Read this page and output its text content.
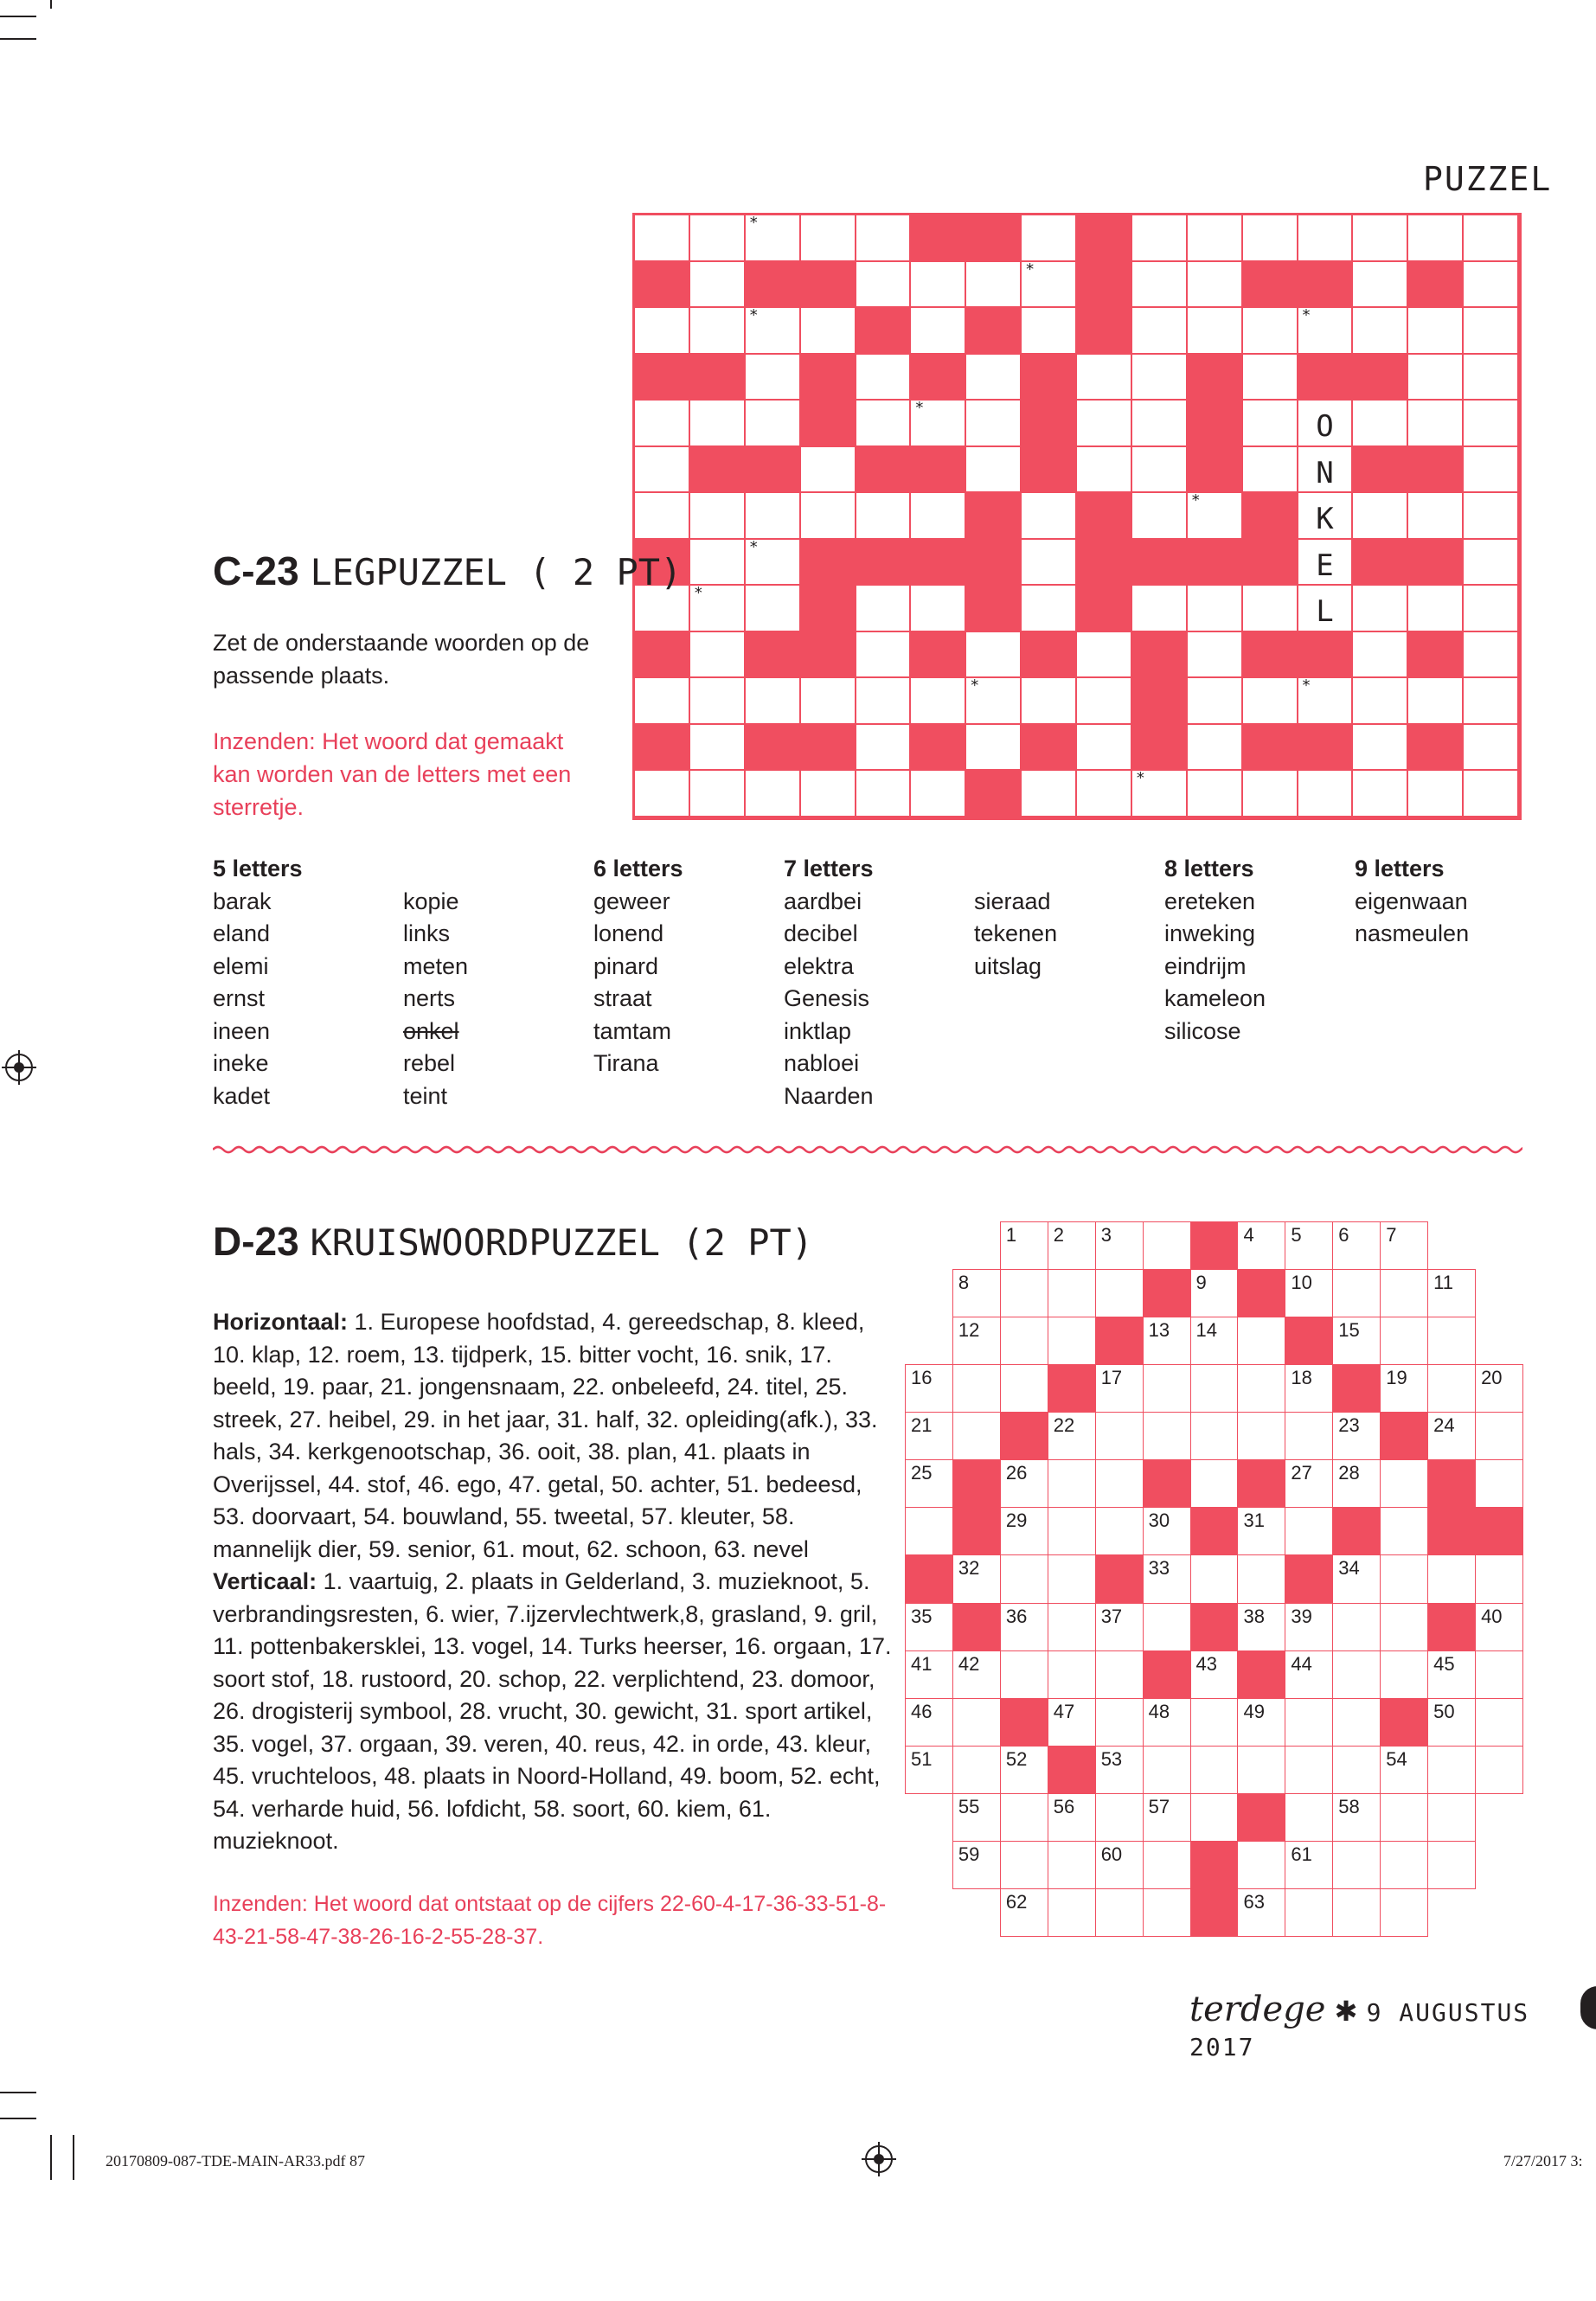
PUZZEL
*
*
*	*
*
O
N
*
K
*
E
*
L
*	*
*
C-23 LEGPUZZEL ( 2 PT)
Zet de onderstaande woorden op de passende plaats.
Inzenden: Het woord dat gemaakt kan worden van de letters met een sterretje.
5 letters
barak
eland
elemi
ernst
ineen
ineke
kadet

kopie
links
meten
nerts
onkel
rebel
teint
6 letters
geweer
lonend
pinard
straat
tamtam
Tirana
7 letters
aardbei
decibel
elektra
Genesis
inktlap
nabloei
Naarden

sieraad
tekenen
uitslag
8 letters
ereteken
inweking
eindrijm
kameleon
silicose
9 letters
eigenwaan
nasmeulen
D-23 KRUISWOORDPUZZEL (2 PT)
Horizontaal: 1. Europese hoofdstad, 4. gereedschap, 8. kleed, 10. klap, 12. roem, 13. tijdperk, 15. bitter vocht, 16. snik, 17. beeld, 19. paar, 21. jongensnaam, 22. onbeleefd, 24. titel, 25. streek, 27. heibel, 29. in het jaar, 31. half, 32. opleiding(afk.), 33. hals, 34. kerkgenootschap, 36. ooit, 38. plan, 41. plaats in Overijssel, 44. stof, 46. ego, 47. getal, 50. achter, 51. bedeesd, 53. doorvaart, 54. bouwland, 55. tweetal, 57. kleuter, 58. mannelijk dier, 59. senior, 61. mout, 62. schoon, 63. nevel
Verticaal: 1. vaartuig, 2. plaats in Gelderland, 3. muzieknoot, 5. verbrandingsresten, 6. wier, 7.ijzervlechtwerk,8, grasland, 9. gril, 11. pottenbakersklei, 13. vogel, 14. Turks heerser, 16. orgaan, 17. soort stof, 18. rustoord, 20. schop, 22. verplichtend, 23. domoor, 26. drogisterij symbool, 28. vrucht, 30. gewicht, 31. sport artikel, 35. vogel, 37. orgaan, 39. veren, 40. reus, 42. in orde, 43. kleur, 45. vruchteloos, 48. plaats in Noord-Holland, 49. boom, 52. echt, 54. verharde huid, 56. lofdicht, 58. soort, 60. kiem, 61. muzieknoot.
Inzenden: Het woord dat ontstaat op de cijfers 22-60-4-17-36-33-51-8-43-21-58-47-38-26-16-2-55-28-37.
1 2 3	4 5 6 7
8	9	10	11
12	13 14	15
16	17	18	19	20
21	22	23	24
25	26	27 28
29	30	31
32	33	34
35	36	37	38 39	40
41 42	43	44	45
46	47	48	49	50
51	52	53	54
55	56	57	58
59	60	61
62	63
terdege ✱ 9 AUGUSTUS 2017
20170809-087-TDE-MAIN-AR33.pdf 87	7/27/2017 3:
